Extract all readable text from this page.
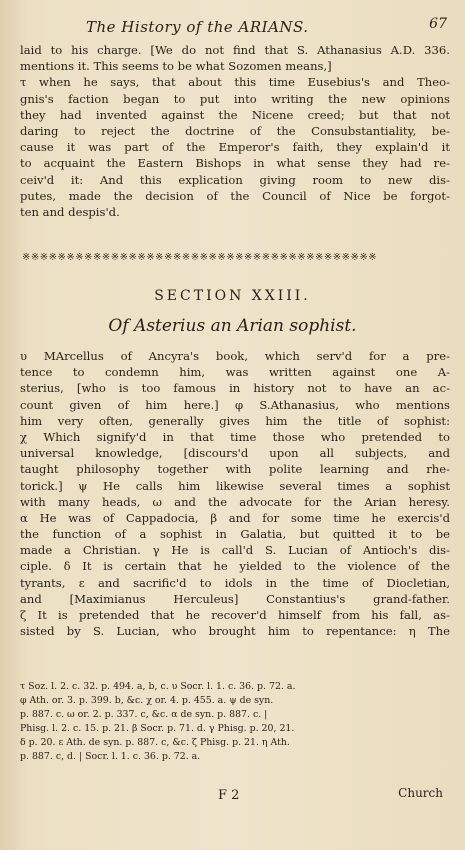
The History of the ARIANS.	67
laid to his charge. [We do not find that S. Athanasius A.D. 336.
mentions it. This seems to be what Sozomen means,]
τ when he says, that about this time Eusebius's and Theo-
gnis's faction began to put into writing the new opinions
they had invented against the Nicene creed; but that not
daring to reject the doctrine of the Consubstantiality, be-
cause it was part of the Emperor's faith, they explain'd it
to acquaint the Eastern Bishops in what sense they had re-
ceiv'd it: And this explication giving room to new dis-
putes, made the decision of the Council of Nice be forgot-
ten and despis'd.
※※※※※※※※※※※※※※※※※※※※※※※※※※※※※※※※※※※※※※※※
SECTION XXIII.
Of Asterius an Arian sophist.
υ MArcellus of Ancyra's book, which serv'd for a pre-
tence to condemn him, was written against one A-
sterius, [who is too famous in history not to have an ac-
count given of him here.] φ S.Athanasius, who mentions
him very often, generally gives him the title of sophist:
χ Which signify'd in that time those who pretended to
universal knowledge, [discours'd upon all subjects, and
taught philosophy together with polite learning and rhe-
torick.] ψ He calls him likewise several times a sophist
with many heads, ω and the advocate for the Arian heresy.
α He was of Cappadocia, β and for some time he exercis'd
the function of a sophist in Galatia, but quitted it to be
made a Christian. γ He is call'd S. Lucian of Antioch's dis-
ciple. δ It is certain that he yielded to the violence of the
tyrants, ε and sacrific'd to idols in the time of Diocletian,
and [Maximianus Herculeus] Constantius's grand-father.
ζ It is pretended that he recover'd himself from his fall, as-
sisted by S. Lucian, who brought him to repentance: η The
τ Soz. l. 2. c. 32. p. 494. a, b, c. υ Socr. l. 1. c. 36. p. 72. a.
φ Ath. or. 3. p. 399. b, &c. χ or. 4. p. 455. a. ψ de syn.
p. 887. c. ω or. 2. p. 337. c, &c. α de syn. p. 887. c. |
Phisg. l. 2. c. 15. p. 21. β Socr. p. 71. d. γ Phisg. p. 20, 21.
δ p. 20. ε Ath. de syn. p. 887. c, &c. ζ Phisg. p. 21. η Ath.
p. 887. c, d. | Socr. l. 1. c. 36. p. 72. a.
F 2	Church
